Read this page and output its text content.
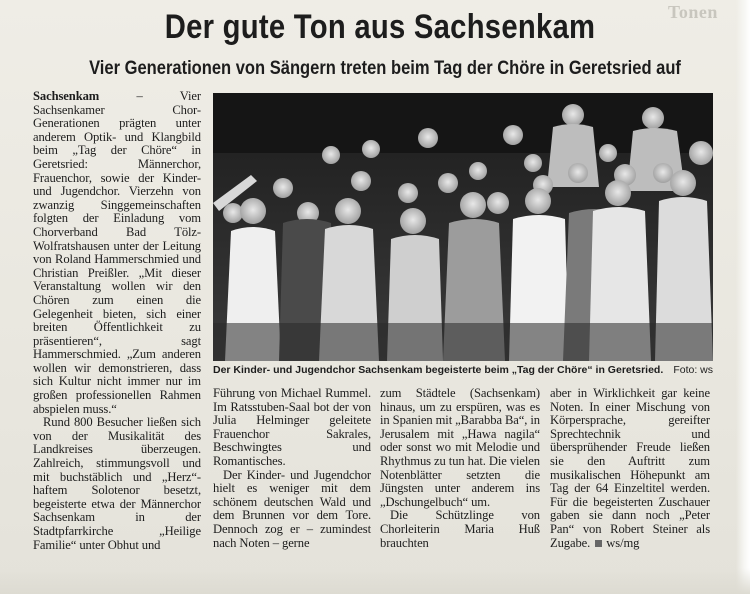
Tonen
Der gute Ton aus Sachsenkam
Vier Generationen von Sängern treten beim Tag der Chöre in Geretsried auf

Sachsenkam – Vier Sachsenkamer Chor-Generationen prägten unter anderem Optik- und Klangbild beim „Tag der Chöre“ in Geretsried: Männerchor, Frauenchor, sowie der Kinder- und Jugendchor. Vierzehn von zwanzig Singgemeinschaften folgten der Einladung vom Chorverband Bad Tölz-Wolfratshausen unter der Leitung von Roland Hammerschmied und Christian Preißler. „Mit dieser Veranstaltung wollen wir den Chören zum einen die Gelegenheit bieten, sich einer breiten Öffentlichkeit zu präsentieren“, sagt Hammerschmied. „Zum anderen wollen wir demonstrieren, dass sich Kultur nicht immer nur im großen professionellen Rahmen abspielen muss.“

Rund 800 Besucher ließen sich von der Musikalität des Landkreises überzeugen. Zahlreich, stimmungsvoll und mit buchstäblich und „Herz“-haftem Solotenor besetzt, begeisterte etwa der Männerchor Sachsenkam in der Stadtpfarrkirche „Heilige Familie“ unter Obhut und

Der Kinder- und Jugendchor Sachsenkam begeisterte beim „Tag der Chöre“ in Geretsried. Foto: ws

Führung von Michael Rummel. Im Ratsstuben-Saal bot der von Julia Helminger geleitete Frauenchor Sakrales, Beschwingtes und Romantisches.

Der Kinder- und Jugendchor hielt es weniger mit dem schönem deutschen Wald und dem Brunnen vor dem Tore. Dennoch zog er – zumindest nach Noten – gerne

zum Städtele (Sachsenkam) hinaus, um zu erspüren, was es in Spanien mit „Barabba Ba“, in Jerusalem mit „Hawa nagila“ oder sonst wo mit Melodie und Rhythmus zu tun hat. Die vielen Notenblätter setzten die Jüngsten unter anderem ins „Dschungelbuch“ um.

Die Schützlinge von Chorleiterin Maria Huß brauchten

aber in Wirklichkeit gar keine Noten. In einer Mischung von Körpersprache, gereifter Sprechtechnik und übersprühender Freude ließen sie den Auftritt zum musikalischen Höhepunkt am Tag der 64 Einzeltitel werden. Für die begeisterten Zuschauer gaben sie dann noch „Peter Pan“ von Robert Steiner als Zugabe. ws/mg
